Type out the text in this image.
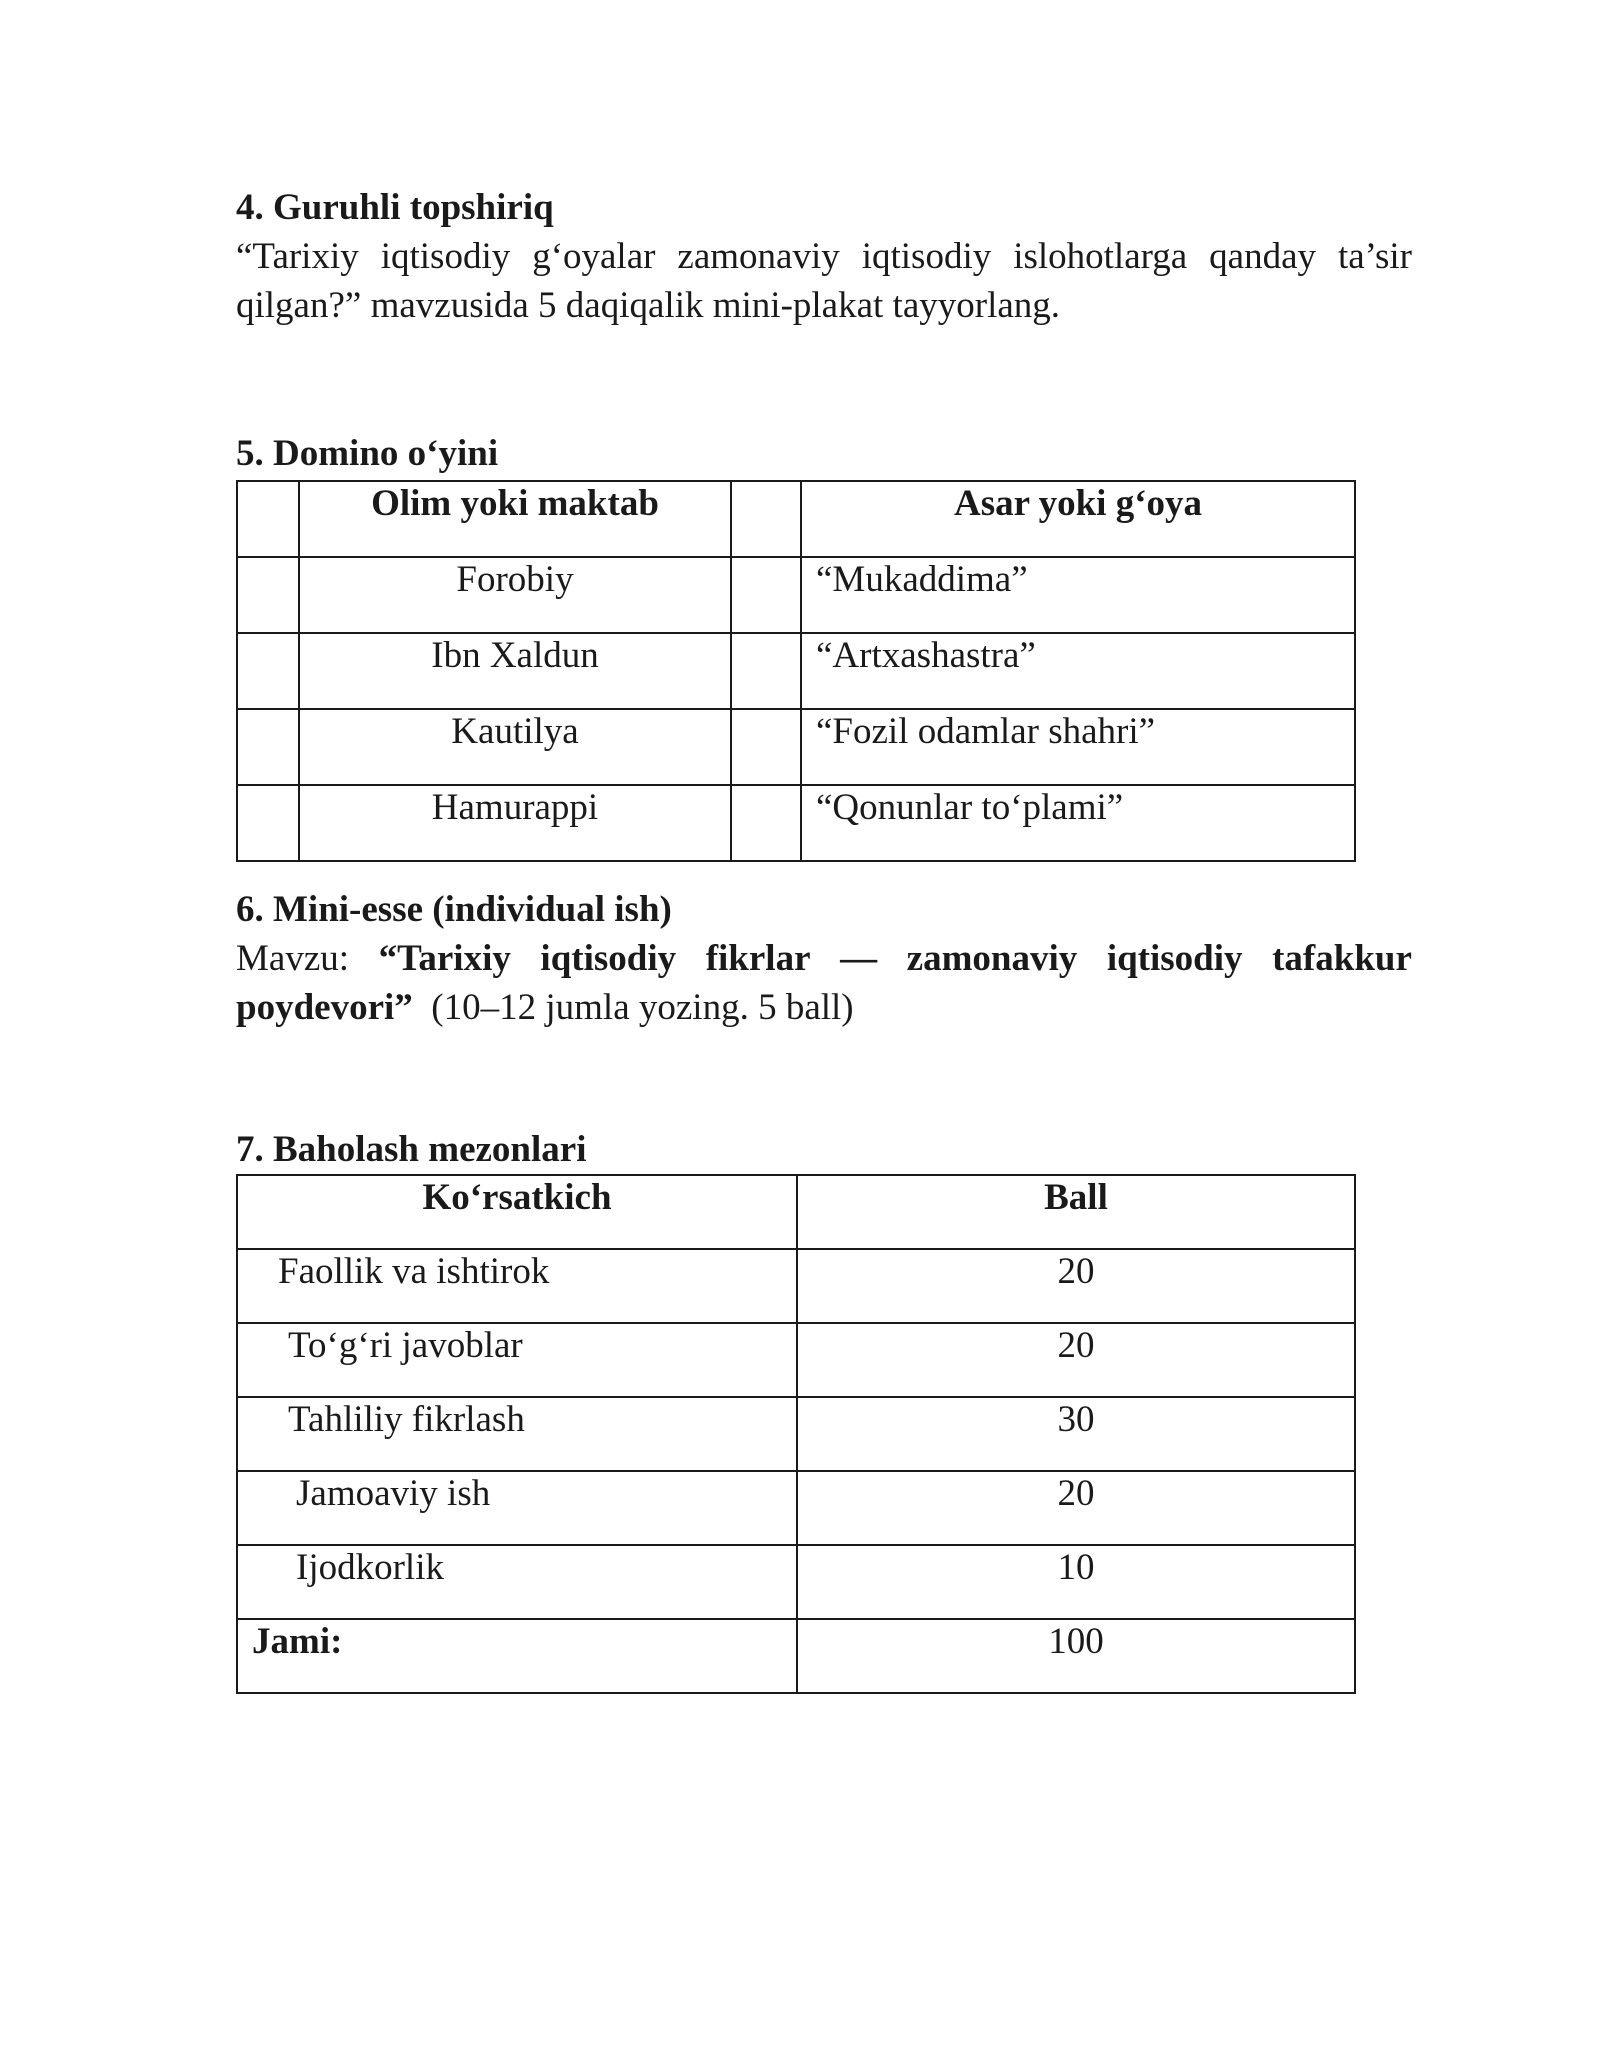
4. Guruhli topshiriq
“Tarixiy iqtisodiy g‘oyalar zamonaviy iqtisodiy islohotlarga qanday ta’sir
qilgan?” mavzusida 5 daqiqalik mini-plakat tayyorlang.
5. Domino o‘yini
	Olim yoki maktab		Asar yoki g‘oya
	Forobiy		“Mukaddima”
	Ibn Xaldun		“Artxashastra”
	Kautilya		“Fozil odamlar shahri”
	Hamurappi		“Qonunlar to‘plami”
6. Mini-esse (individual ish)
Mavzu: “Tarixiy iqtisodiy fikrlar — zamonaviy iqtisodiy tafakkur
poydevori” (10–12 jumla yozing. 5 ball)
7. Baholash mezonlari
Ko‘rsatkich	Ball
Faollik va ishtirok	20
To‘g‘ri javoblar	20
Tahliliy fikrlash	30
Jamoaviy ish	20
Ijodkorlik	10
Jami:	100
